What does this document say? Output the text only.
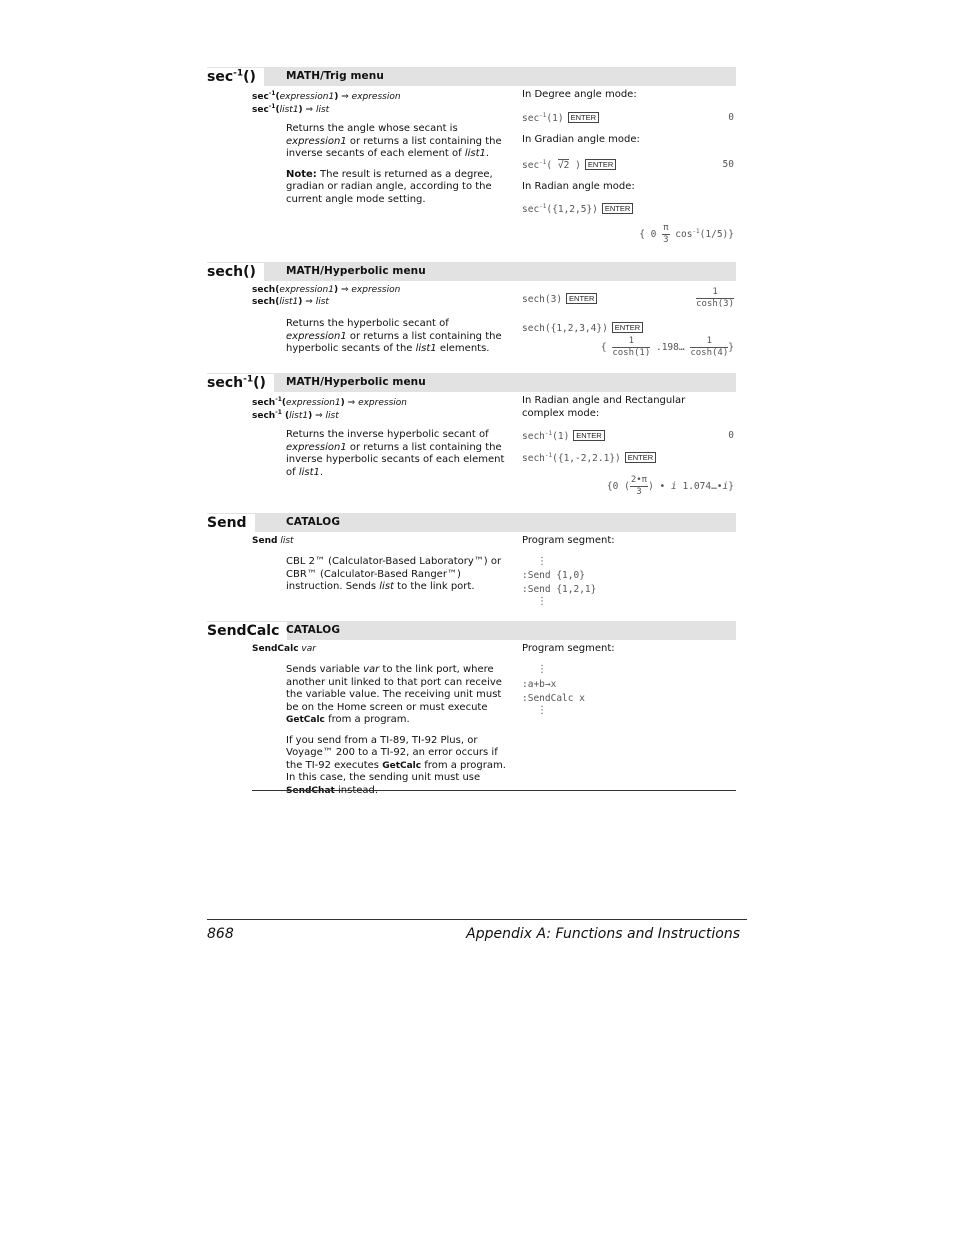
$\sec^{-1}()$	MATH/Trig menu
$\sec^{-1}(expression1)$ ⇒ expression
$\sec^{-1}(list1)$ ⇒ list

Returns the angle whose secant is expression1 or returns a list containing the inverse secants of each element of list1.

Note: The result is returned as a degree, gradian or radian angle, according to the current angle mode setting.

In Degree angle mode:
$\sec^{-1}(1)$ ENTER	0
In Gradian angle mode:
$\sec^{-1}$( √2 ) ENTER	50
In Radian angle mode:
$\sec^{-1}(\{1,2,5\})$ ENTER
{ $0 \frac{\pi}{3} \cos^{-1}(1/5)$}
sech()	MATH/Hyperbolic menu
sech(expression1) ⇒ expression
sech(list1) ⇒ list

Returns the hyperbolic secant of expression1 or returns a list containing the hyperbolic secants of the list1 elements.

sech(3) ENTER	$\frac{1}{\cosh(3)}$
sech({1,2,3,4}) ENTER
{ $\frac{1}{\cosh(1)}$ .198… $\frac{1}{\cosh(4)}$ }
sech$^{-1}$()	MATH/Hyperbolic menu
sech$^{-1}$(expression1) ⇒ expression
sech$^{-1}$ (list1) ⇒ list

Returns the inverse hyperbolic secant of expression1 or returns a list containing the inverse hyperbolic secants of each element of list1.

In Radian angle and Rectangular complex mode:
sech$^{-1}$(1) ENTER	0
sech$^{-1}$({1,-2,2.1}) ENTER
{0 ( $\frac{2•\pi}{3}$ ) • i 1.074…•i}
Send	CATALOG
Send list

CBL 2™ (Calculator-Based Laboratory™) or CBR™ (Calculator-Based Ranger™) instruction. Sends list to the link port.

Program segment:
⋮
:Send {1,0}
:Send {1,2,1}
⋮
SendCalc CATALOG
SendCalc var

Sends variable var to the link port, where another unit linked to that port can receive the variable value. The receiving unit must be on the Home screen or must execute GetCalc from a program.

If you send from a TI-89, TI-92 Plus, or Voyage™ 200 to a TI-92, an error occurs if the TI-92 executes GetCalc from a program. In this case, the sending unit must use SendChat instead.

Program segment:
⋮
:a+b→x
:SendCalc x
⋮
868	Appendix A: Functions and Instructions
